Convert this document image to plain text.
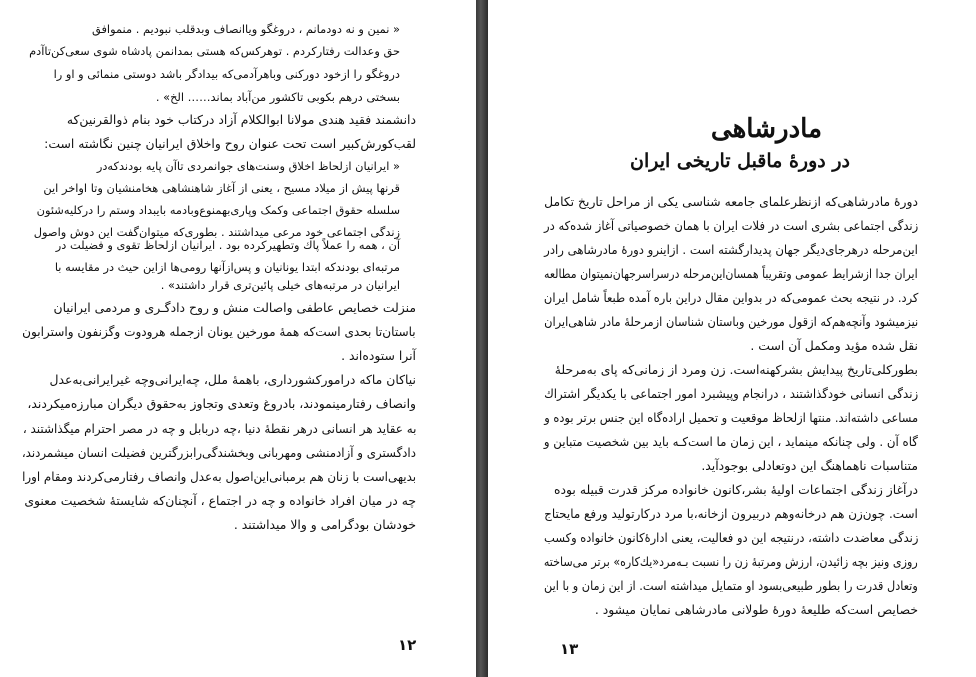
« نمین و نه دودمانم ، دروغگو ویاانصاف وبدقلب نبودیم . منموافق
حق وعدالت رفتارکردم . توهرکس‌که هستی بمدانمن پادشاه شوی سعی‌کن‌تاآدم
دروغگو را ازخود دورکنی وباهرآدمی‌که بیدادگر باشد دوستی منمائی و او را
بسختی درهم بکوبی تاکشور من‌آباد بماند…… الخ» .
دانشمند فقید هندی مولانا ابوالکلام آزاد درکتاب خود بنام ذوالقرنین‌که
لقب‌کورش‌کبیر است تحت عنوان روح واخلاق ایرانیان چنین نگاشته است:
« ایرانیان ازلحاظ اخلاق وسنت‌های جوانمردی تاآن پایه بودندکه‌در
قرنها پیش از میلاد مسیح ، یعنی از آغاز شاهنشاهی هخامنشیان وتا اواخر این
سلسله حقوق اجتماعی وکمک وپاری‌بهمنوع‌وبادمه بایبداد وستم را درکلیه‌شئون
زندگی اجتماعی خود مرعی میداشتند . بطوری‌که میتوان‌گفت این دوش واصول
آن ، همه را عملاً پاك وتطهیرکرده بود . ایرانیان ازلحاظ تقوی و فضیلت در
مرتبه‌ای بودندکه ابتدا یونانیان و پس‌ازآنها رومی‌ها ازاین حیث در مقایسه با
ایرانیان در مرتبه‌های خیلی پائین‌تری قرار داشتند» .
منزلت خصایص عاطفی واصالت منش و روح دادگـری و مردمی ایرانیان
باستان‌تا بحدی است‌که همهٔ مورخین یونان ازجمله هرودوت وگزنفون واسترابون
آنرا ستوده‌اند .
نیاکان ما‌که درامورکشورداری، باهمهٔ ملل، چه‌ایرانی‌وچه غیرایرانی‌به‌عدل
وانصاف رفتارمینمودند، بادروغ وتعدی وتجاوز به‌حقوق دیگران مبارزه‌میکردند،
به عقاید هر انسانی درهر نقطهٔ دنیا ،چه دربابل و چه در مصر احترام میگذاشتند ،
دادگستری و آزادمنشی ومهربانی وبخشندگی‌رابزرگترین فضیلت انسان میشمردند،
بدیهی‌است با زنان هم برمبانی‌این‌اصول به‌عدل وانصاف رفتارمی‌کردند ومقام اورا
چه در میان افراد خانواده و چه در اجتماع ، آنچنان‌که شایستهٔ شخصیت معنوی
خودشان بودگرامی و والا میداشتند .
۱۲
مادرشاهی
در دورهٔ ماقبل تاریخی ایران
دورهٔ مادرشاهی‌که ازنظرعلمای جامعه شناسی یکی از مراحل تاریخ تکامل
زندگی اجتماعی بشری است در فلات ایران با همان خصوصیاتی آغاز شده‌که در
این‌مرحله درهرجای‌دیگر جهان پدیدارگشته است . ازاینرو دورهٔ مادرشاهی رادر
ایران جدا ازشرایط عمومی وتقریباً همسان‌این‌مرحله درسراسرجهان‌نمیتوان مطالعه
کرد. در نتیجه بحث عمومی‌که در بدواین مقال دراین باره آمده طبعاً شامل ایران
نیزمیشود وآنچه‌هم‌که ازقول مورخین وباستان شناسان ازمرحلهٔ مادر شاهی‌ایران
نقل شده مؤید ومکمل آن است .
بطورکلی‌تاریخ پیدایش بشرکهنه‌است. زن ومرد از زمانی‌که پای به‌مرحلهٔ
زندگی انسانی خودگذاشتند ، درانجام وپیشبرد امور اجتماعی با یکدیگر اشتراك
مساعی داشته‌اند. منتها ازلحاظ موقعیت و تحمیل اراده‌گاه این جنس برتر بوده و
گاه آن . ولی چنانکه مینماید ، این زمان ما است‌کـه باید بین شخصیت متباین و
متناسبات ناهماهنگ این دوتعادلی بوجودآید.
درآغاز زندگی اجتماعات اولیهٔ بشر،کانون خانواده مرکز قدرت قبیله بوده
است. چون‌زن هم درخانه‌وهم دربیرون ازخانه،با مرد درکارتولید ورفع مایحتاج
زندگی معاضدت داشته، درنتیجه این دو فعالیت، یعنی ادارهٔ‌کانون خانواده وکسب
روزی ونیز بچه زائیدن، ارزش ومرتبهٔ زن را نسبت بـه‌مرد«یك‌كاره» برتر می‌ساخته
وتعادل قدرت را بطور طبیعی‌بسود او متمایل میداشته است. از این زمان و با این
خصایص است‌که طلیعهٔ دورهٔ طولانی مادرشاهی نمایان میشود .
۱۳
